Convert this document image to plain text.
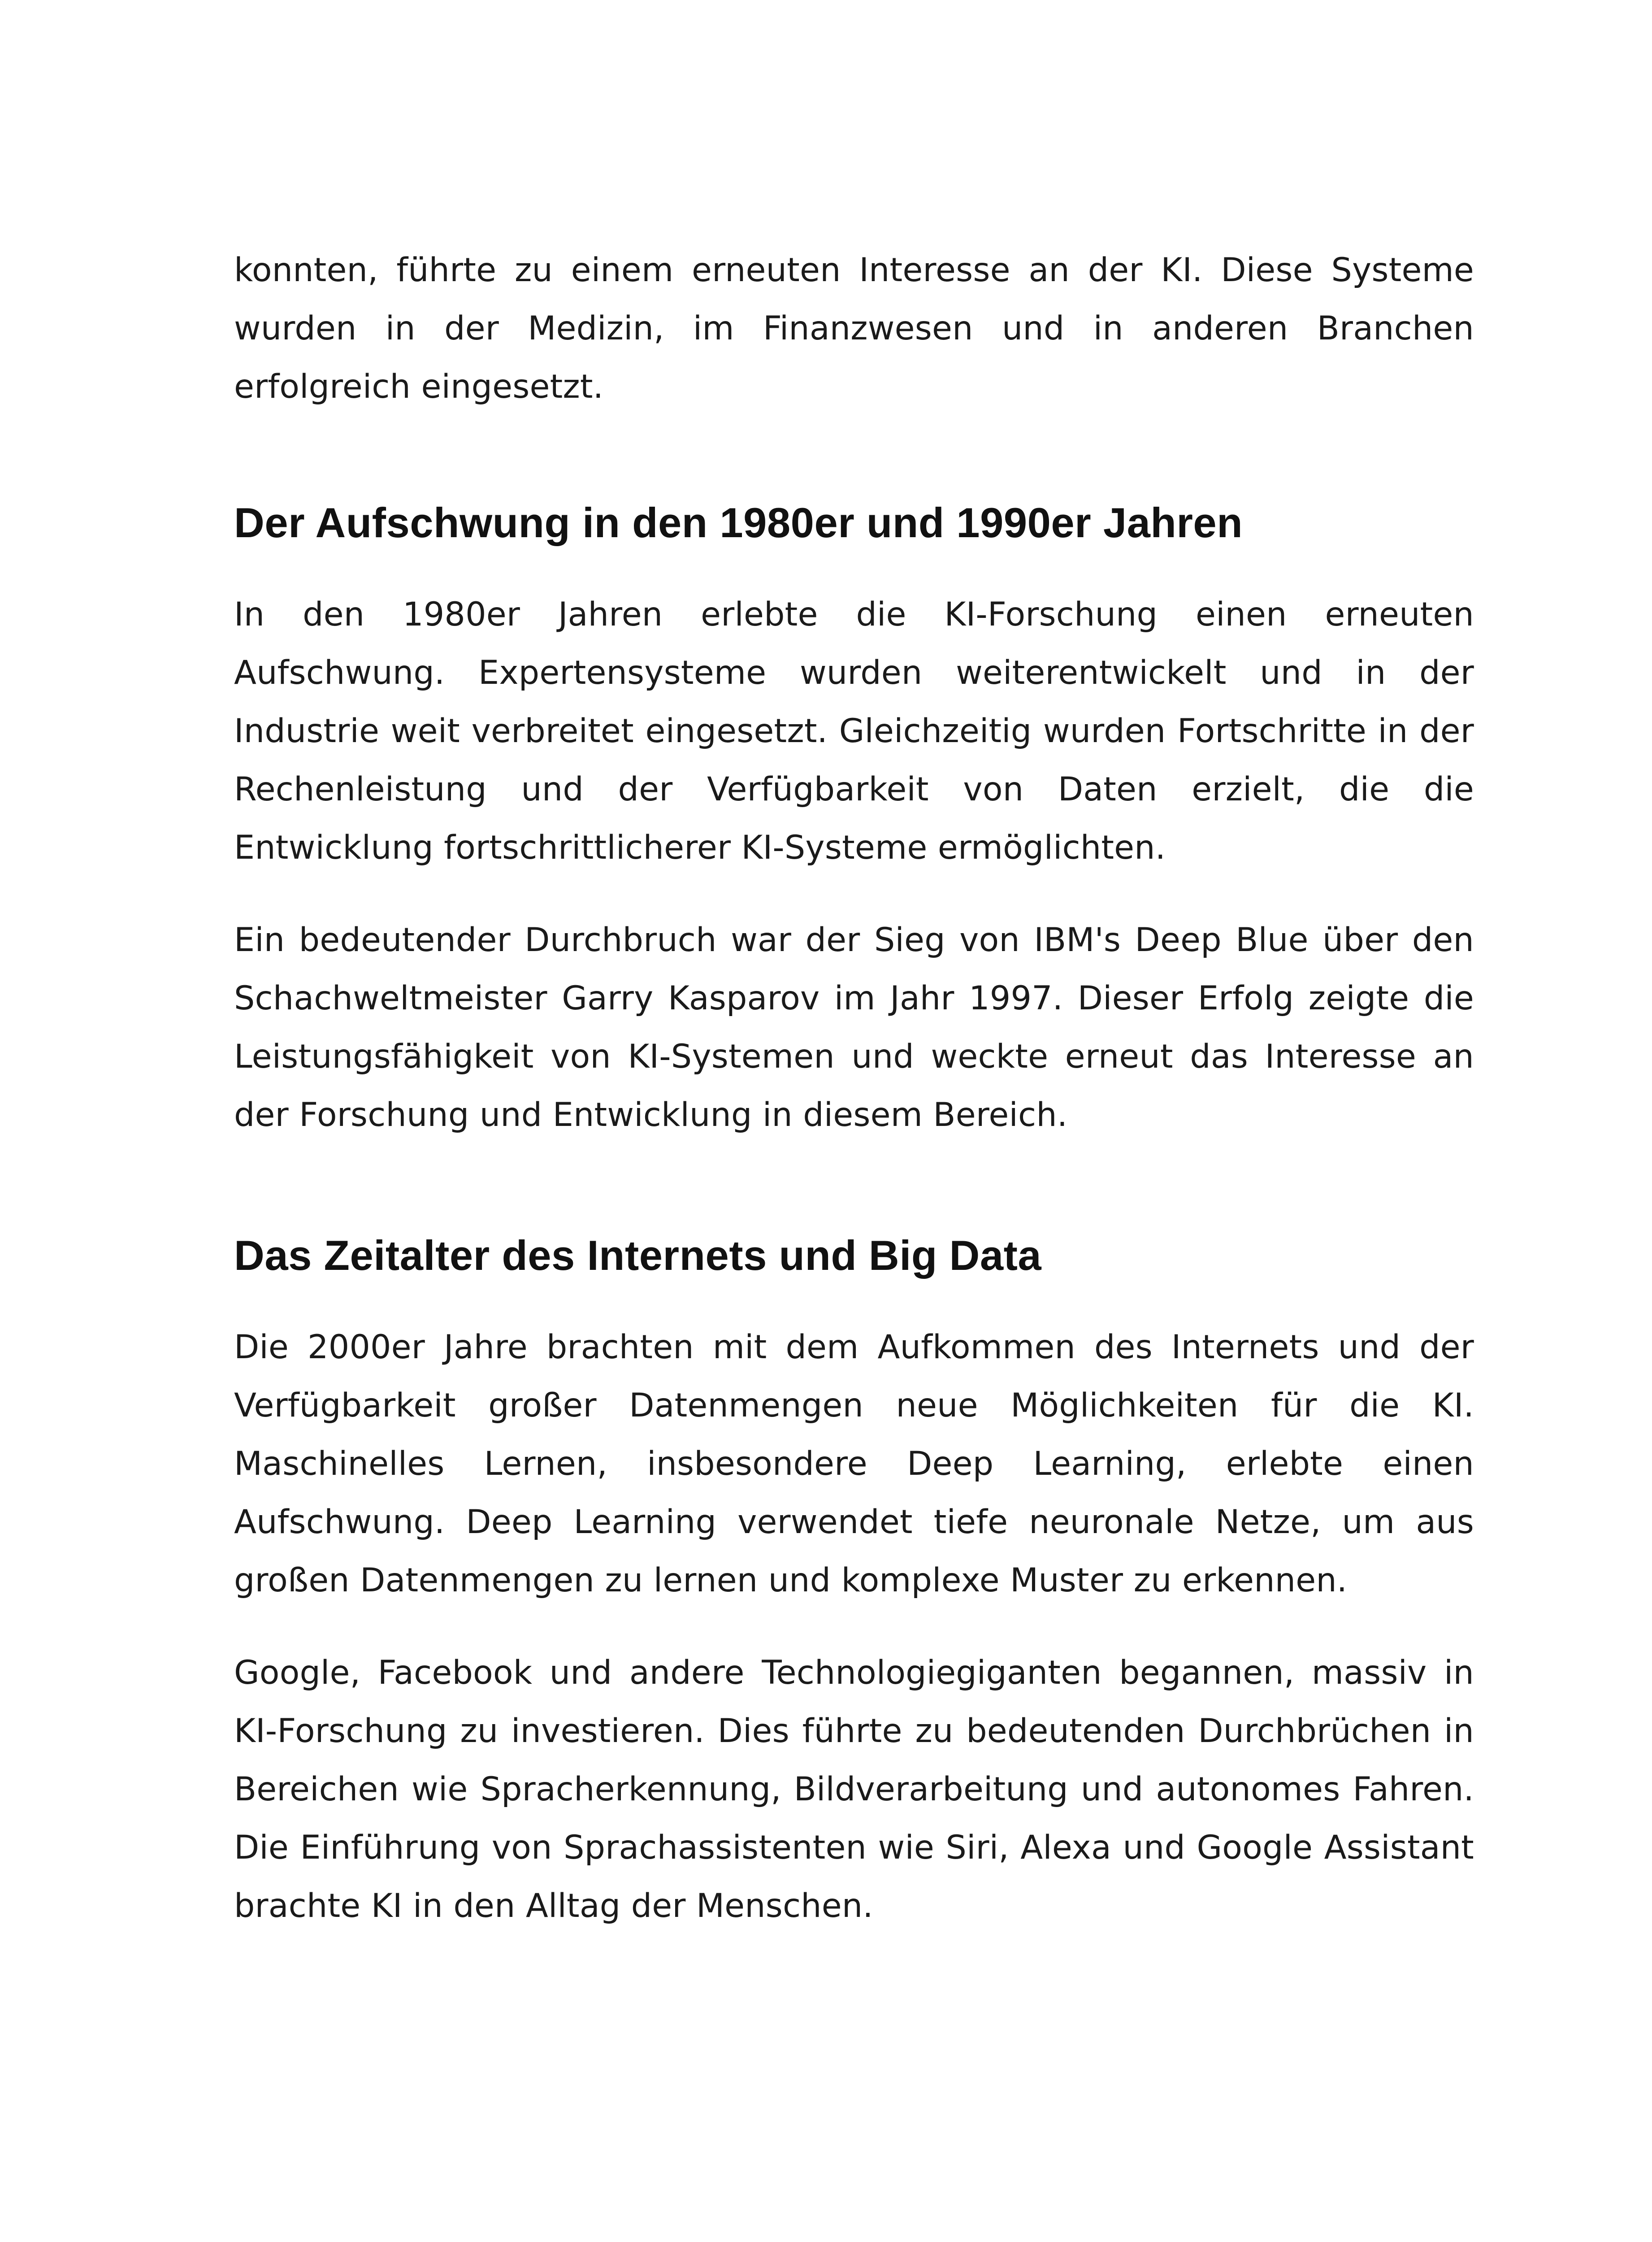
konnten, führte zu einem erneuten Interesse an der KI. Diese Systeme wurden in der Medizin, im Finanzwesen und in anderen Branchen erfolgreich eingesetzt.

Der Aufschwung in den 1980er und 1990er Jahren

In den 1980er Jahren erlebte die KI-Forschung einen erneuten Aufschwung. Expertensysteme wurden weiterentwickelt und in der Industrie weit verbreitet eingesetzt. Gleichzeitig wurden Fortschritte in der Rechenleistung und der Verfügbarkeit von Daten erzielt, die die Entwicklung fortschrittlicherer KI-Systeme ermöglichten.

Ein bedeutender Durchbruch war der Sieg von IBM's Deep Blue über den Schachweltmeister Garry Kasparov im Jahr 1997. Dieser Erfolg zeigte die Leistungsfähigkeit von KI-Systemen und weckte erneut das Interesse an der Forschung und Entwicklung in diesem Bereich.

Das Zeitalter des Internets und Big Data

Die 2000er Jahre brachten mit dem Aufkommen des Internets und der Verfügbarkeit großer Datenmengen neue Möglichkeiten für die KI. Maschinelles Lernen, insbesondere Deep Learning, erlebte einen Aufschwung. Deep Learning verwendet tiefe neuronale Netze, um aus großen Datenmengen zu lernen und komplexe Muster zu erkennen.

Google, Facebook und andere Technologiegiganten begannen, massiv in KI-Forschung zu investieren. Dies führte zu bedeutenden Durchbrüchen in Bereichen wie Spracherkennung, Bildverarbeitung und autonomes Fahren. Die Einführung von Sprachassistenten wie Siri, Alexa und Google Assistant brachte KI in den Alltag der Menschen.
